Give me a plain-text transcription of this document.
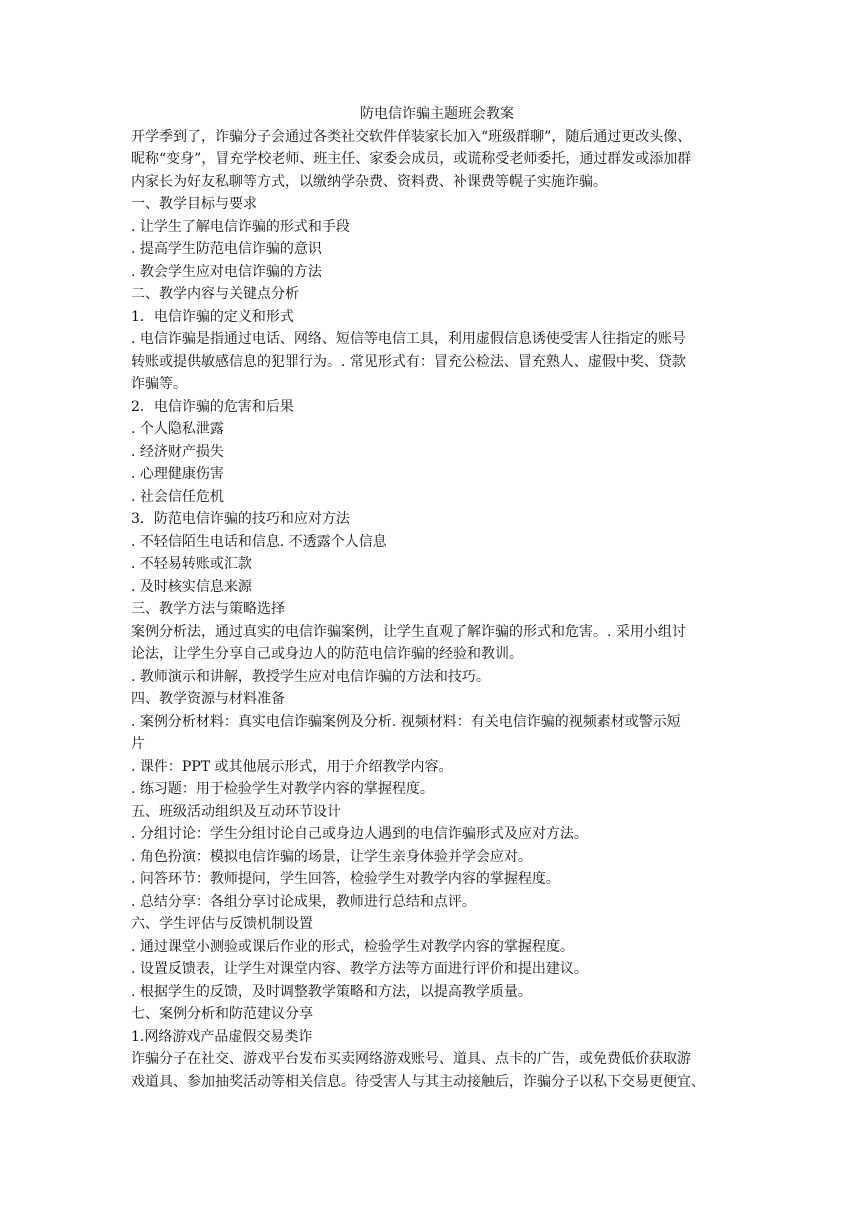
防电信诈骗主题班会教案
开学季到了，诈骗分子会通过各类社交软件佯装家长加入“班级群聊”，随后通过更改头像、
昵称“变身”，冒充学校老师、班主任、家委会成员，或谎称受老师委托，通过群发或添加群
内家长为好友私聊等方式，以缴纳学杂费、资料费、补课费等幌子实施诈骗。
一、教学目标与要求
. 让学生了解电信诈骗的形式和手段
. 提高学生防范电信诈骗的意识
. 教会学生应对电信诈骗的方法
二、教学内容与关键点分析
1．电信诈骗的定义和形式
. 电信诈骗是指通过电话、网络、短信等电信工具，利用虚假信息诱使受害人往指定的账号
转账或提供敏感信息的犯罪行为。. 常见形式有：冒充公检法、冒充熟人、虚假中奖、贷款
诈骗等。
2．电信诈骗的危害和后果
. 个人隐私泄露
. 经济财产损失
. 心理健康伤害
. 社会信任危机
3．防范电信诈骗的技巧和应对方法
. 不轻信陌生电话和信息. 不透露个人信息
. 不轻易转账或汇款
. 及时核实信息来源
三、教学方法与策略选择
案例分析法，通过真实的电信诈骗案例，让学生直观了解诈骗的形式和危害。. 采用小组讨
论法，让学生分享自己或身边人的防范电信诈骗的经验和教训。
. 教师演示和讲解，教授学生应对电信诈骗的方法和技巧。
四、教学资源与材料准备
. 案例分析材料：真实电信诈骗案例及分析. 视频材料：有关电信诈骗的视频素材或警示短
片
. 课件：PPT 或其他展示形式，用于介绍教学内容。
. 练习题：用于检验学生对教学内容的掌握程度。
五、班级活动组织及互动环节设计
. 分组讨论：学生分组讨论自己或身边人遇到的电信诈骗形式及应对方法。
. 角色扮演：模拟电信诈骗的场景，让学生亲身体验并学会应对。
. 问答环节：教师提问，学生回答，检验学生对教学内容的掌握程度。
. 总结分享：各组分享讨论成果，教师进行总结和点评。
六、学生评估与反馈机制设置
. 通过课堂小测验或课后作业的形式，检验学生对教学内容的掌握程度。
. 设置反馈表，让学生对课堂内容、教学方法等方面进行评价和提出建议。
. 根据学生的反馈，及时调整教学策略和方法，以提高教学质量。
七、案例分析和防范建议分享
1.网络游戏产品虚假交易类诈
诈骗分子在社交、游戏平台发布买卖网络游戏账号、道具、点卡的广告，或免费低价获取游
戏道具、参加抽奖活动等相关信息。待受害人与其主动接触后，诈骗分子以私下交易更便宜、
